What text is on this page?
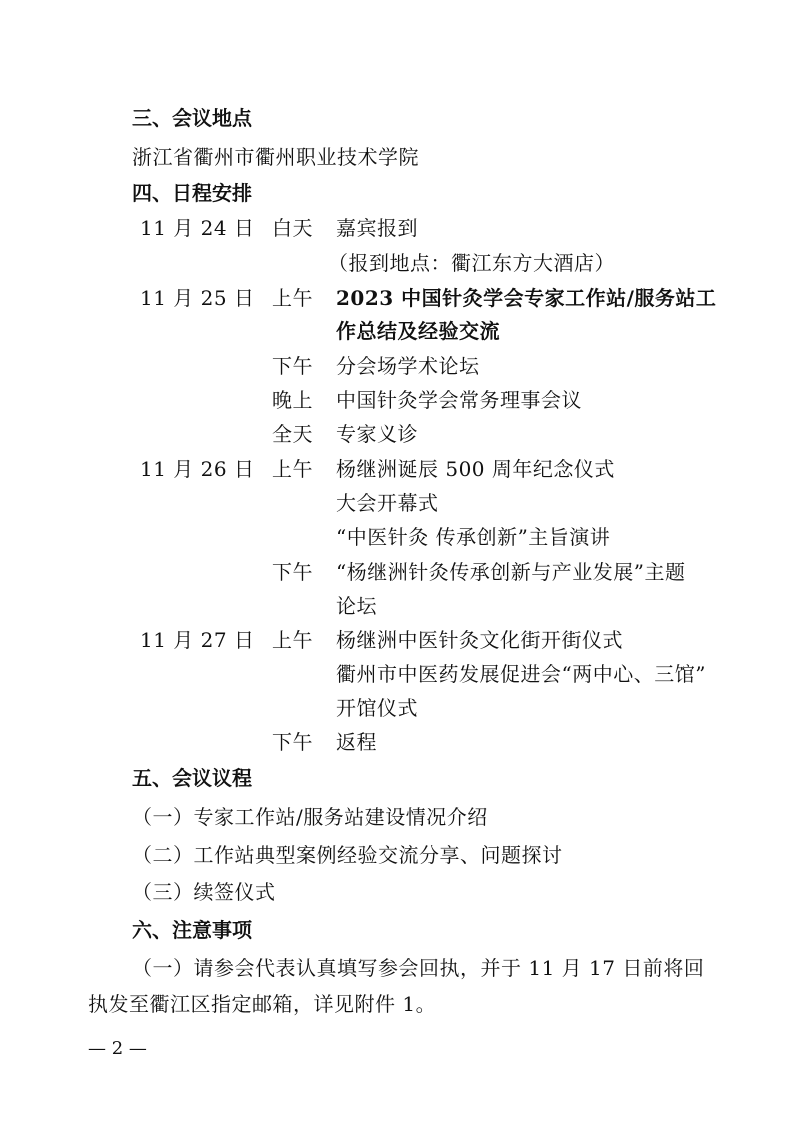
三、会议地点
浙江省衢州市衢州职业技术学院
四、日程安排
11 月 24 日 白天 嘉宾报到
（报到地点：衢江东方大酒店）
11 月 25 日 上午 2023 中国针灸学会专家工作站/服务站工
作总结及经验交流
下午 分会场学术论坛
晚上 中国针灸学会常务理事会议
全天 专家义诊
11 月 26 日 上午 杨继洲诞辰 500 周年纪念仪式
大会开幕式
“中医针灸 传承创新”主旨演讲
下午 “杨继洲针灸传承创新与产业发展”主题
论坛
11 月 27 日 上午 杨继洲中医针灸文化街开街仪式
衢州市中医药发展促进会“两中心、三馆”
开馆仪式
下午 返程
五、会议议程
（一）专家工作站/服务站建设情况介绍
（二）工作站典型案例经验交流分享、问题探讨
（三）续签仪式
六、注意事项
（一）请参会代表认真填写参会回执，并于 11 月 17 日前将回
执发至衢江区指定邮箱，详见附件 1。
— 2 —
